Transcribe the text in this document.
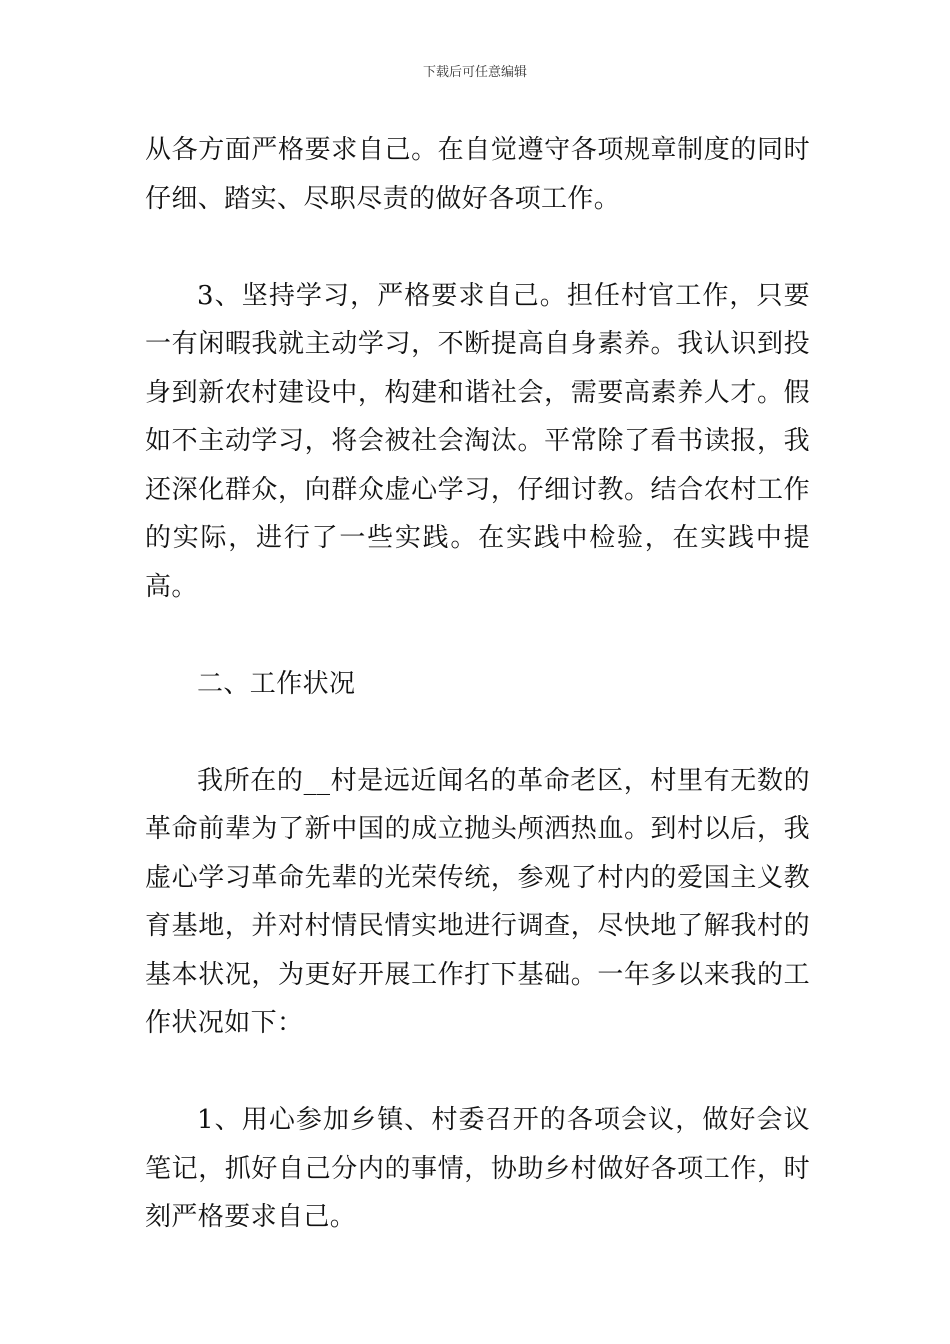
下载后可任意编辑

从各方面严格要求自己。在自觉遵守各项规章制度的同时仔细、踏实、尽职尽责的做好各项工作。

3、坚持学习，严格要求自己。担任村官工作，只要一有闲暇我就主动学习，不断提高自身素养。我认识到投身到新农村建设中，构建和谐社会，需要高素养人才。假如不主动学习，将会被社会淘汰。平常除了看书读报，我还深化群众，向群众虚心学习，仔细讨教。结合农村工作的实际，进行了一些实践。在实践中检验，在实践中提高。

二、工作状况

我所在的__村是远近闻名的革命老区，村里有无数的革命前辈为了新中国的成立抛头颅洒热血。到村以后，我虚心学习革命先辈的光荣传统，参观了村内的爱国主义教育基地，并对村情民情实地进行调查，尽快地了解我村的基本状况，为更好开展工作打下基础。一年多以来我的工作状况如下：

1、用心参加乡镇、村委召开的各项会议，做好会议笔记，抓好自己分内的事情，协助乡村做好各项工作，时刻严格要求自己。
